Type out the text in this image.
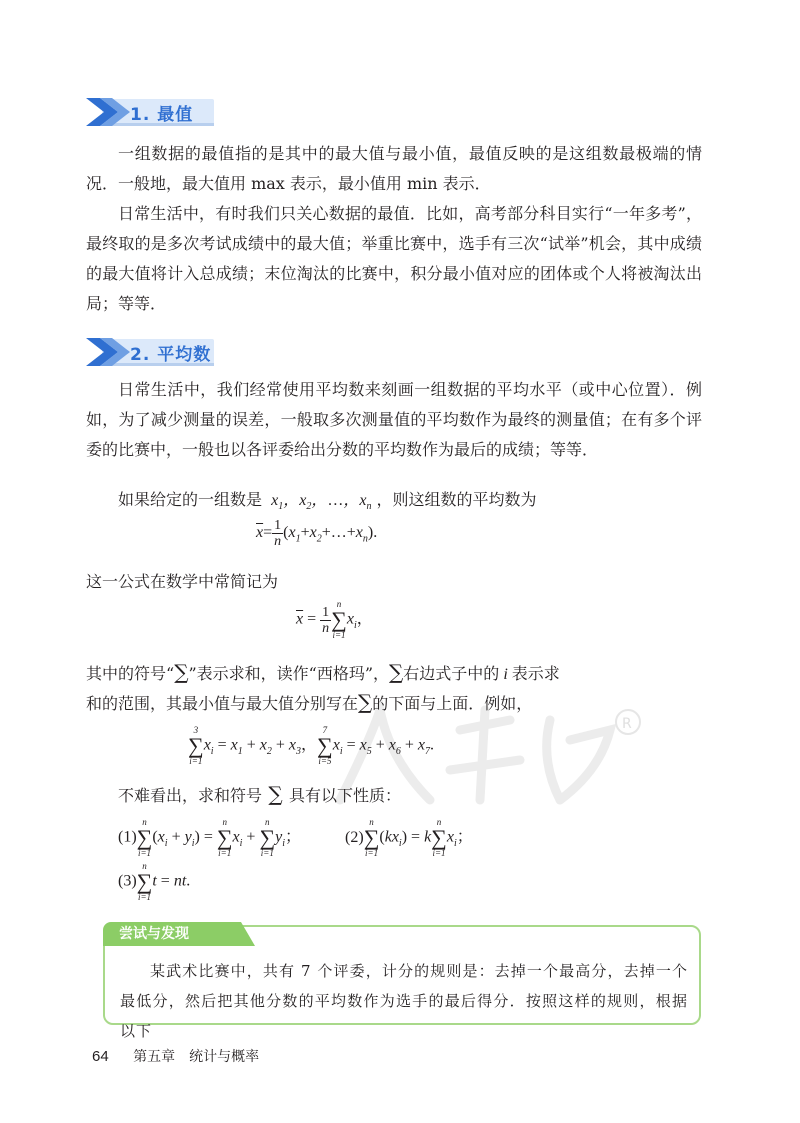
R
1. 最值

一组数据的最值指的是其中的最大值与最小值，最值反映的是这组数最极端的情况．一般地，最大值用 max 表示，最小值用 min 表示．

日常生活中，有时我们只关心数据的最值．比如，高考部分科目实行“一年多考”，最终取的是多次考试成绩中的最大值；举重比赛中，选手有三次“试举”机会，其中成绩的最大值将计入总成绩；末位淘汰的比赛中，积分最小值对应的团体或个人将被淘汰出局；等等．

2. 平均数

日常生活中，我们经常使用平均数来刻画一组数据的平均水平（或中心位置）．例如，为了减少测量的误差，一般取多次测量值的平均数作为最终的测量值；在有多个评委的比赛中，一般也以各评委给出分数的平均数作为最后的成绩；等等．

如果给定的一组数是  $x_1$，$x_2$，…，$x_n$ ，则这组数的平均数为
$\overline{x}= \frac{1}{n}$ $(x_1+x_2+\dots+x_n)$.
这一公式在数学中常简记为
$\overline{x} = \frac{1}{n}$
n
∑
i=1
$x_i$，
其中的符号“∑”表示求和，读作“西格玛”，∑右边式子中的 i 表示求
和的范围，其最小值与最大值分别写在∑的下面与上面．例如，
3
∑
i=1
$x_i = x_1 + x_2 + x_3$，
7
∑
i=5
$x_i = x_5 + x_6 + x_7$.
不难看出，求和符号 ∑ 具有以下性质：
(1)
n
∑
i=1
$(x_i + y_i)$ =
n
∑
i=1
$x_i$ +
n
∑
i=1
$y_i$；	(2)
n
∑
i=1
$(kx_i) = k$
n
∑
i=1
$x_i$；
(3)
n
∑
i=1
t = nt.
尝试与发现

某武术比赛中，共有 7 个评委，计分的规则是：去掉一个最高分，去掉一个最低分，然后把其他分数的平均数作为选手的最后得分．按照这样的规则，根据以下

64 第五章　统计与概率
